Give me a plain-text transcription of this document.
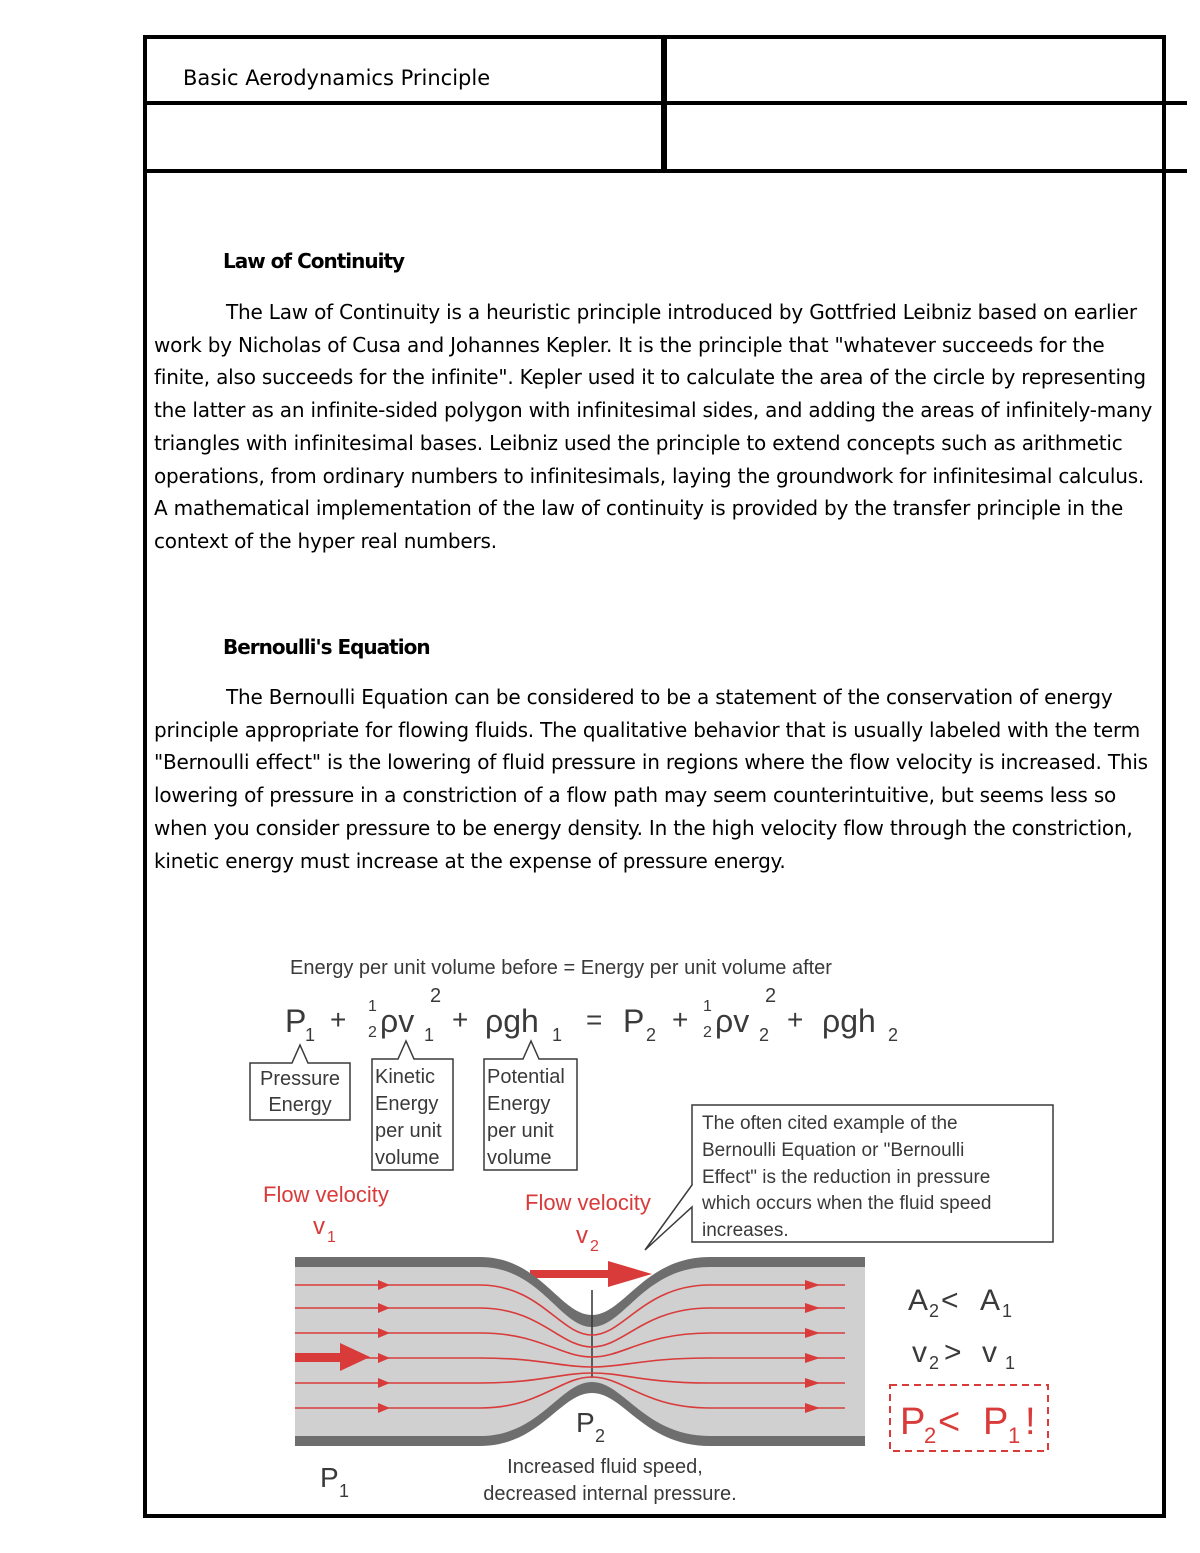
Basic Aerodynamics Principle
Law of Continuity
The Law of Continuity is a heuristic principle introduced by Gottfried Leibniz based on earlier work by Nicholas of Cusa and Johannes Kepler. It is the principle that "whatever succeeds for the finite, also succeeds for the infinite". Kepler used it to calculate the area of the circle by representing the latter as an infinite-sided polygon with infinitesimal sides, and adding the areas of infinitely-many triangles with infinitesimal bases. Leibniz used the principle to extend concepts such as arithmetic operations, from ordinary numbers to infinitesimals, laying the groundwork for infinitesimal calculus. A mathematical implementation of the law of continuity is provided by the transfer principle in the context of the hyper real numbers.
Bernoulli's Equation
The Bernoulli Equation can be considered to be a statement of the conservation of energy principle appropriate for flowing fluids. The qualitative behavior that is usually labeled with the term "Bernoulli effect" is the lowering of fluid pressure in regions where the flow velocity is increased. This lowering of pressure in a constriction of a flow path may seem counterintuitive, but seems less so when you consider pressure to be energy density. In the high velocity flow through the constriction, kinetic energy must increase at the expense of pressure energy.
Energy per unit volume before = Energy per unit volume after
P
1 + 1
2 ρv 1
2
+ ρgh 1 = P 2 + 1
2 ρv 2
2
+ ρgh 2
Pressure
Energy
Kinetic
Energy
per unit
volume
Potential
Energy
per unit
volume
The often cited example of the
Bernoulli Equation or "Bernoulli
Effect" is the reduction in pressure
which occurs when the fluid speed
increases.
Flow velocity
v 1
Flow velocity
v 2
A 2 < A 1
v 2 > v 1
P
2 < P 1 !
P 1
P 2
Increased fluid speed,
decreased internal pressure.
